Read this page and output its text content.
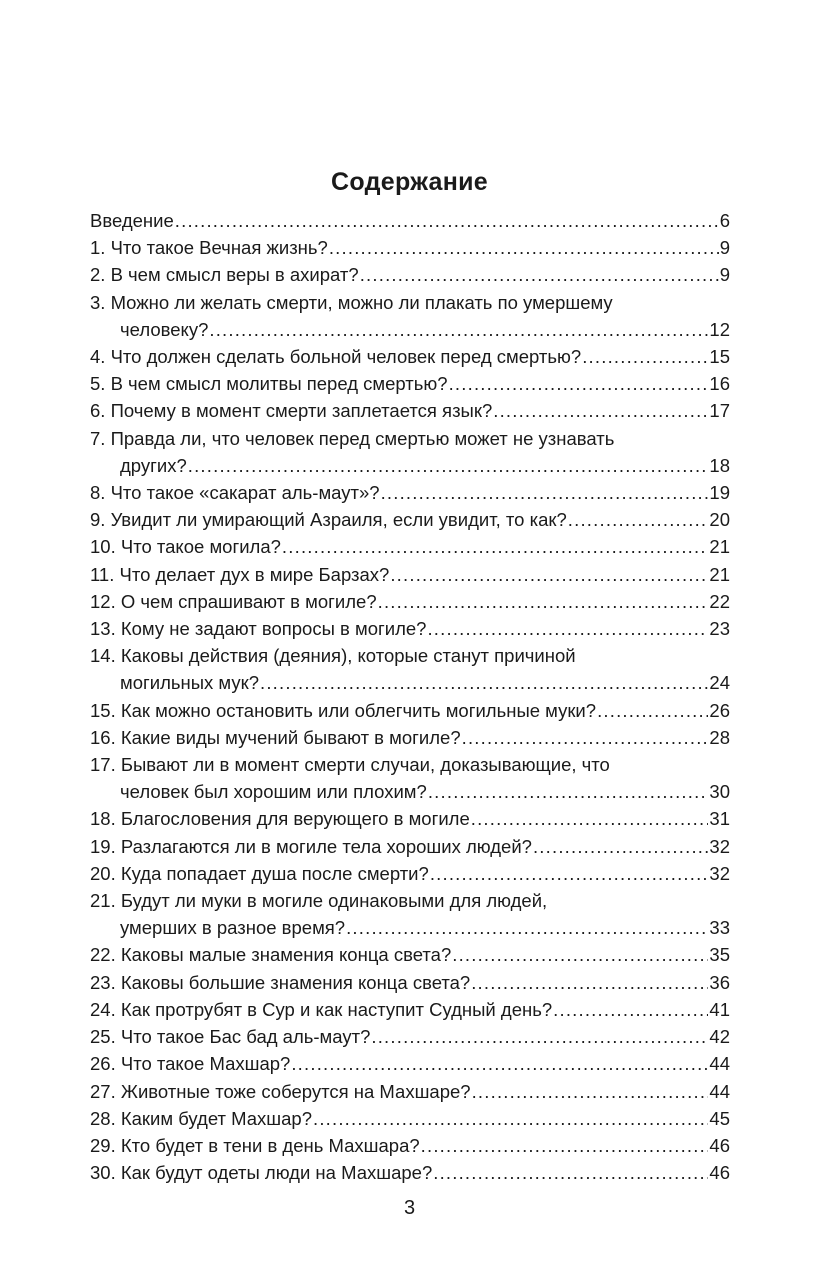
Содержание
Введение .....	6
1. Что такое Вечная жизнь? .....	9
2. В чем смысл веры в ахират? .....	9
3. Можно ли желать смерти, можно ли плакать по умершему
человеку? .....	12
4. Что должен сделать больной человек перед смертью? .....	15
5. В чем смысл молитвы перед смертью? .....	16
6. Почему в момент смерти заплетается язык? .....	17
7. Правда ли, что человек перед смертью может не узнавать
других? .....	18
8. Что такое «сакарат аль-маут»? .....	19
9. Увидит ли умирающий Азраиля, если увидит, то как? .....	20
10. Что такое могила? .....	21
11. Что делает дух в мире Барзах? .....	21
12. О чем спрашивают в могиле? .....	22
13. Кому не задают вопросы в могиле? .....	23
14. Каковы действия (деяния), которые станут причиной
могильных мук? .....	24
15. Как можно остановить или облегчить могильные муки? .....	26
16. Какие виды мучений бывают в могиле? .....	28
17. Бывают ли в момент смерти случаи, доказывающие, что
человек был хорошим или плохим? .....	30
18. Благословения для верующего в могиле .....	31
19. Разлагаются ли в могиле тела хороших людей? .....	32
20. Куда попадает душа после смерти? .....	32
21. Будут ли муки в могиле одинаковыми для людей,
умерших в разное время? .....	33
22. Каковы малые знамения конца света? .....	35
23. Каковы большие знамения конца света? .....	36
24. Как протрубят в Сур и как наступит Судный день? .....	41
25. Что такое Бас бад аль-маут? .....	42
26. Что такое Махшар? .....	44
27. Животные тоже соберутся на Махшаре? .....	44
28. Каким будет Махшар? .....	45
29. Кто будет в тени в день Махшара? .....	46
30. Как будут одеты люди на Махшаре? .....	46
3
